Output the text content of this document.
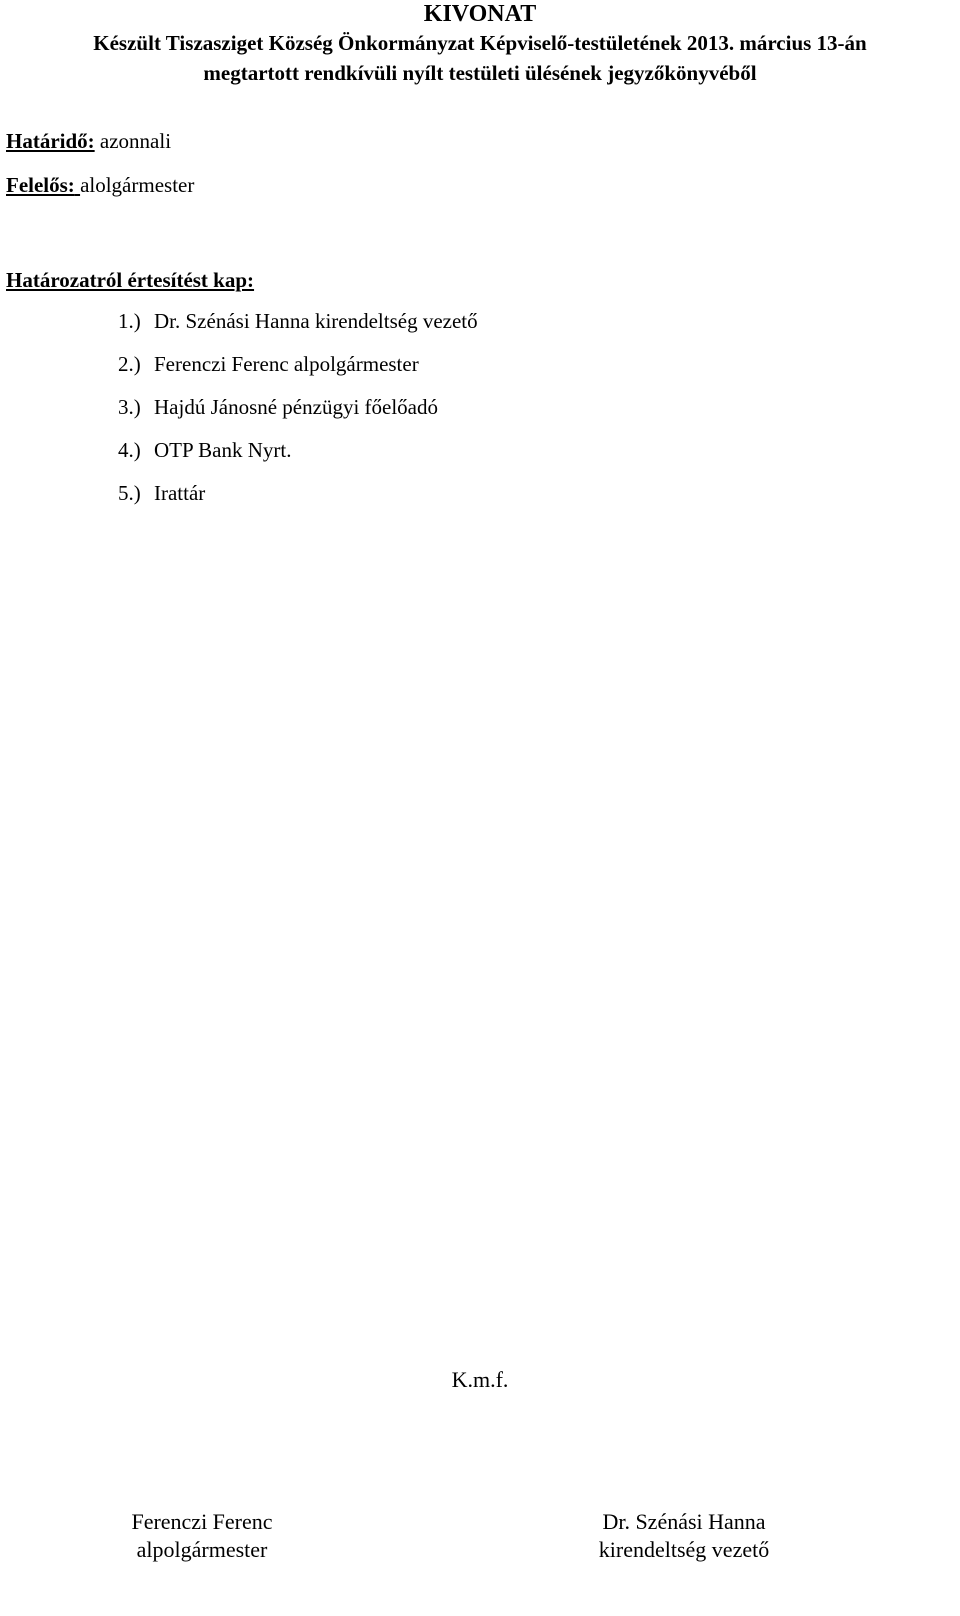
KIVONAT
Készült Tiszasziget Község Önkormányzat Képviselő-testületének 2013. március 13-án
megtartott rendkívüli nyílt testületi ülésének jegyzőkönyvéből
Határidő: azonnali
Felelős: alolgármester
Határozatról értesítést kap:
1.) Dr. Szénási Hanna kirendeltség vezető
2.) Ferenczi Ferenc alpolgármester
3.) Hajdú Jánosné pénzügyi főelőadó
4.) OTP Bank Nyrt.
5.) Irattár
K.m.f.
Ferenczi Ferenc
alpolgármester
Dr. Szénási Hanna
kirendeltség vezető
